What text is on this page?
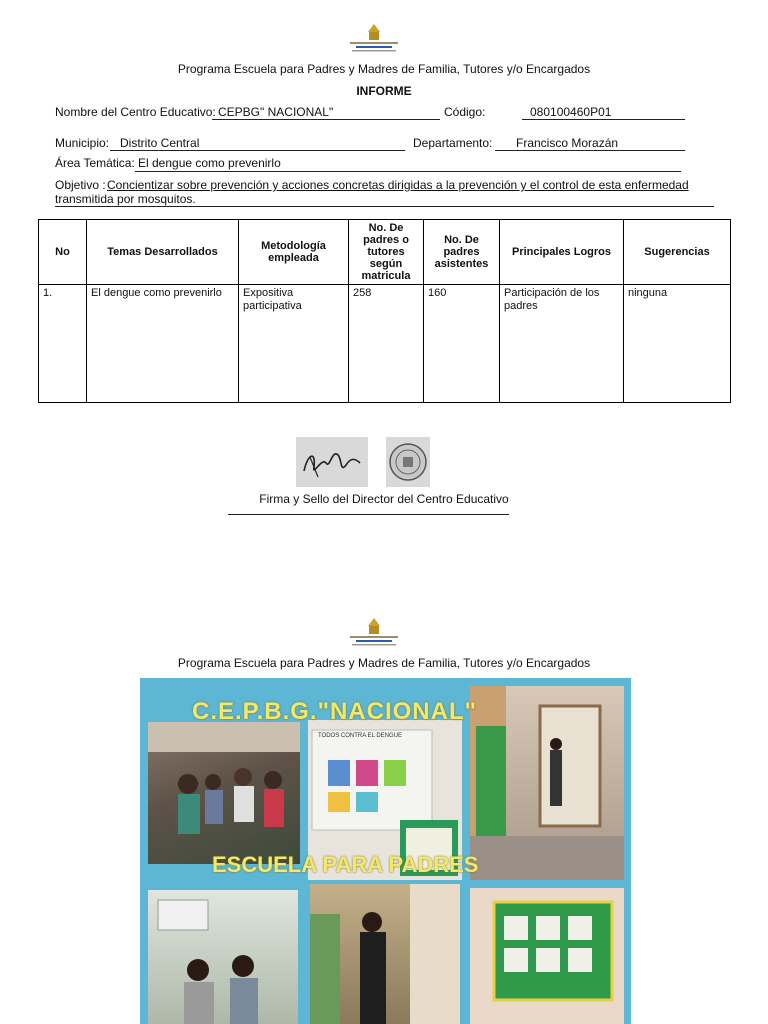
Programa Escuela para Padres y Madres de Familia, Tutores y/o Encargados
INFORME
Nombre del Centro Educativo: CEPBG" NACIONAL"	Código:	080100460P01
Municipio: Distrito Central	Departamento: Francisco Morazán
Área Temática: El dengue como prevenirlo
Objetivo : Concientizar sobre prevención y acciones concretas dirigidas a la prevención y el control de esta enfermedad
transmitida por mosquitos.
No	Temas Desarrollados	Metodología empleada	No. De padres o tutores según matricula	No. De padres asistentes	Principales Logros	Sugerencias
1.	El dengue como prevenirlo	Expositiva participativa	258	160	Participación de los padres	ninguna
Firma y Sello del Director del Centro Educativo
Programa Escuela para Padres y Madres de Familia, Tutores y/o Encargados
TODOS CONTRA EL DENGUE
C.E.P.B.G."NACIONAL"
ESCUELA PARA PADRES
